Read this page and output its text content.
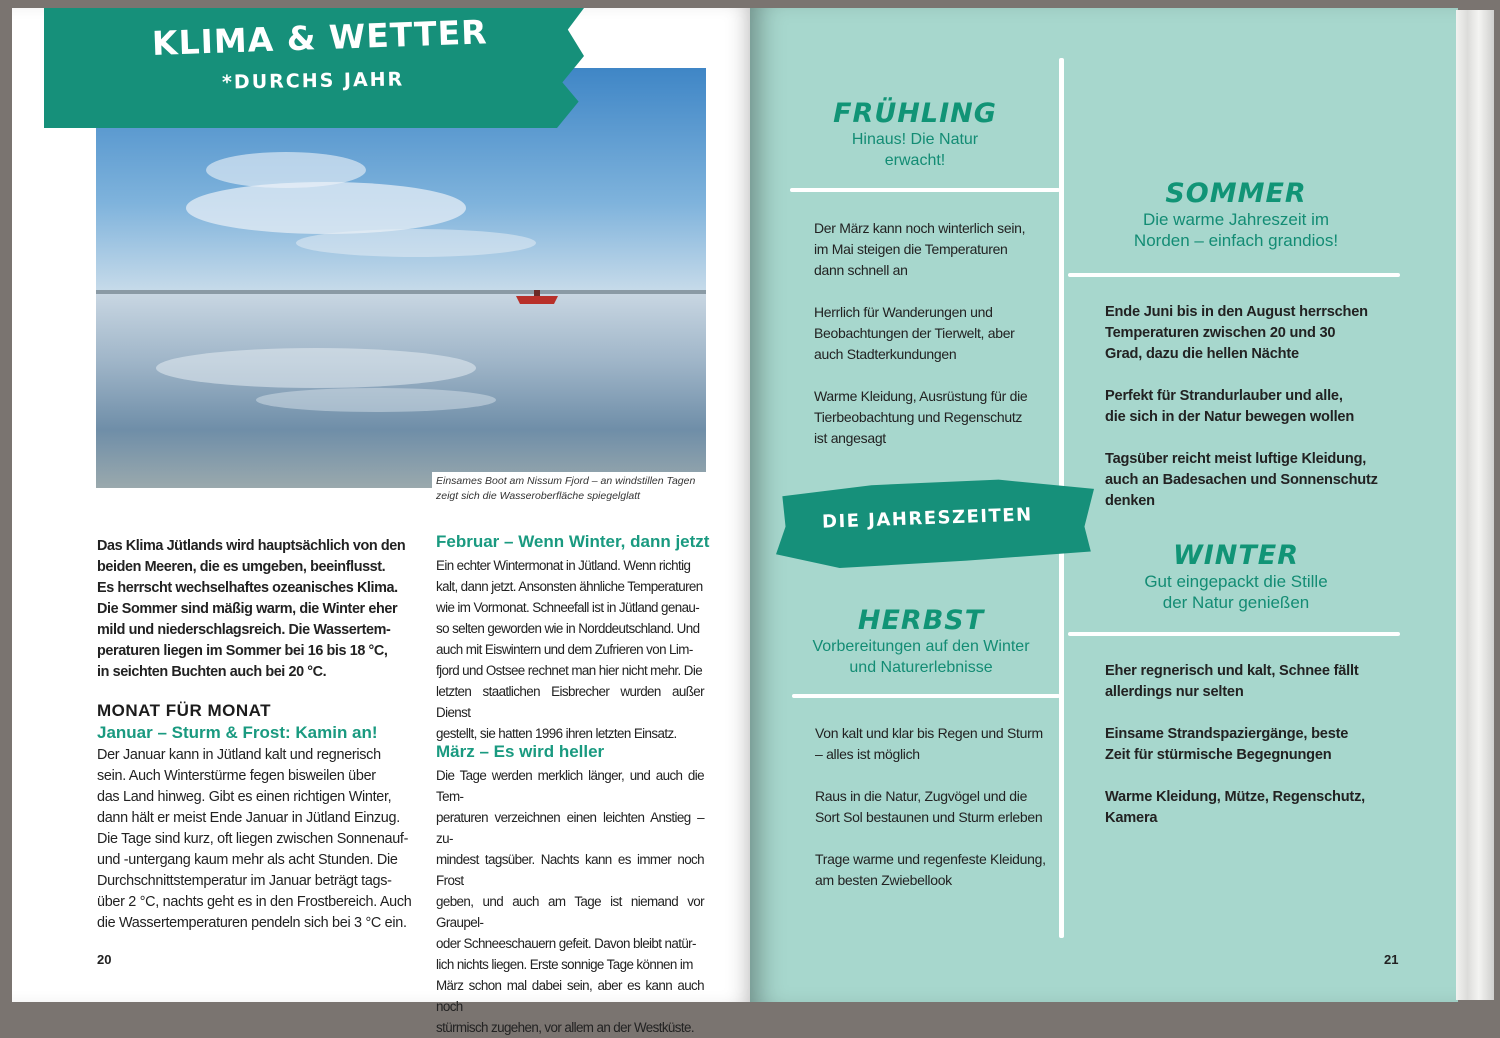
Einsames Boot am Nissum Fjord – an windstillen Tagen
zeigt sich die Wasseroberfläche spiegelglatt
KLIMA & WETTER
*DURCHS JAHR
Das Klima Jütlands wird hauptsächlich von den
beiden Meeren, die es umgeben, beeinflusst.
Es herrscht wechselhaftes ozeanisches Klima.
Die Sommer sind mäßig warm, die Winter eher
mild und niederschlagsreich. Die Wassertem-
peraturen liegen im Sommer bei 16 bis 18 °C,
in seichten Buchten auch bei 20 °C.
MONAT FÜR MONAT
Januar – Sturm & Frost: Kamin an!
Der Januar kann in Jütland kalt und regnerisch
sein. Auch Winterstürme fegen bisweilen über
das Land hinweg. Gibt es einen richtigen Winter,
dann hält er meist Ende Januar in Jütland Einzug.
Die Tage sind kurz, oft liegen zwischen Sonnenauf-
und -untergang kaum mehr als acht Stunden. Die
Durchschnittstemperatur im Januar beträgt tags-
über 2 °C, nachts geht es in den Frostbereich. Auch
die Wassertemperaturen pendeln sich bei 3 °C ein.
Februar – Wenn Winter, dann jetzt
Ein echter Wintermonat in Jütland. Wenn richtig
kalt, dann jetzt. Ansonsten ähnliche Temperaturen
wie im Vormonat. Schneefall ist in Jütland genau-
so selten geworden wie in Norddeutschland. Und
auch mit Eiswintern und dem Zufrieren von Lim-
fjord und Ostsee rechnet man hier nicht mehr. Die
letzten staatlichen Eisbrecher wurden außer Dienst
gestellt, sie hatten 1996 ihren letzten Einsatz.
März – Es wird heller
Die Tage werden merklich länger, und auch die Tem-
peraturen verzeichnen einen leichten Anstieg – zu-
mindest tagsüber. Nachts kann es immer noch Frost
geben, und auch am Tage ist niemand vor Graupel-
oder Schneeschauern gefeit. Davon bleibt natür-
lich nichts liegen. Erste sonnige Tage können im
März schon mal dabei sein, aber es kann auch noch
stürmisch zugehen, vor allem an der Westküste.
20
FRÜHLING
Hinaus! Die Natur
erwacht!
Der März kann noch winterlich sein,
im Mai steigen die Temperaturen
dann schnell an
Herrlich für Wanderungen und
Beobachtungen der Tierwelt, aber
auch Stadterkundungen
Warme Kleidung, Ausrüstung für die
Tierbeobachtung und Regenschutz
ist angesagt
SOMMER
Die warme Jahreszeit im
Norden – einfach grandios!
Ende Juni bis in den August herrschen
Temperaturen zwischen 20 und 30
Grad, dazu die hellen Nächte
Perfekt für Strandurlauber und alle,
die sich in der Natur bewegen wollen
Tagsüber reicht meist luftige Kleidung,
auch an Badesachen und Sonnenschutz
denken
DIE JAHRESZEITEN
WINTER
Gut eingepackt die Stille
der Natur genießen
HERBST
Vorbereitungen auf den Winter
und Naturerlebnisse
Von kalt und klar bis Regen und Sturm
– alles ist möglich
Raus in die Natur, Zugvögel und die
Sort Sol bestaunen und Sturm erleben
Trage warme und regenfeste Kleidung,
am besten Zwiebellook
Eher regnerisch und kalt, Schnee fällt
allerdings nur selten
Einsame Strandspaziergänge, beste
Zeit für stürmische Begegnungen
Warme Kleidung, Mütze, Regenschutz,
Kamera
21
